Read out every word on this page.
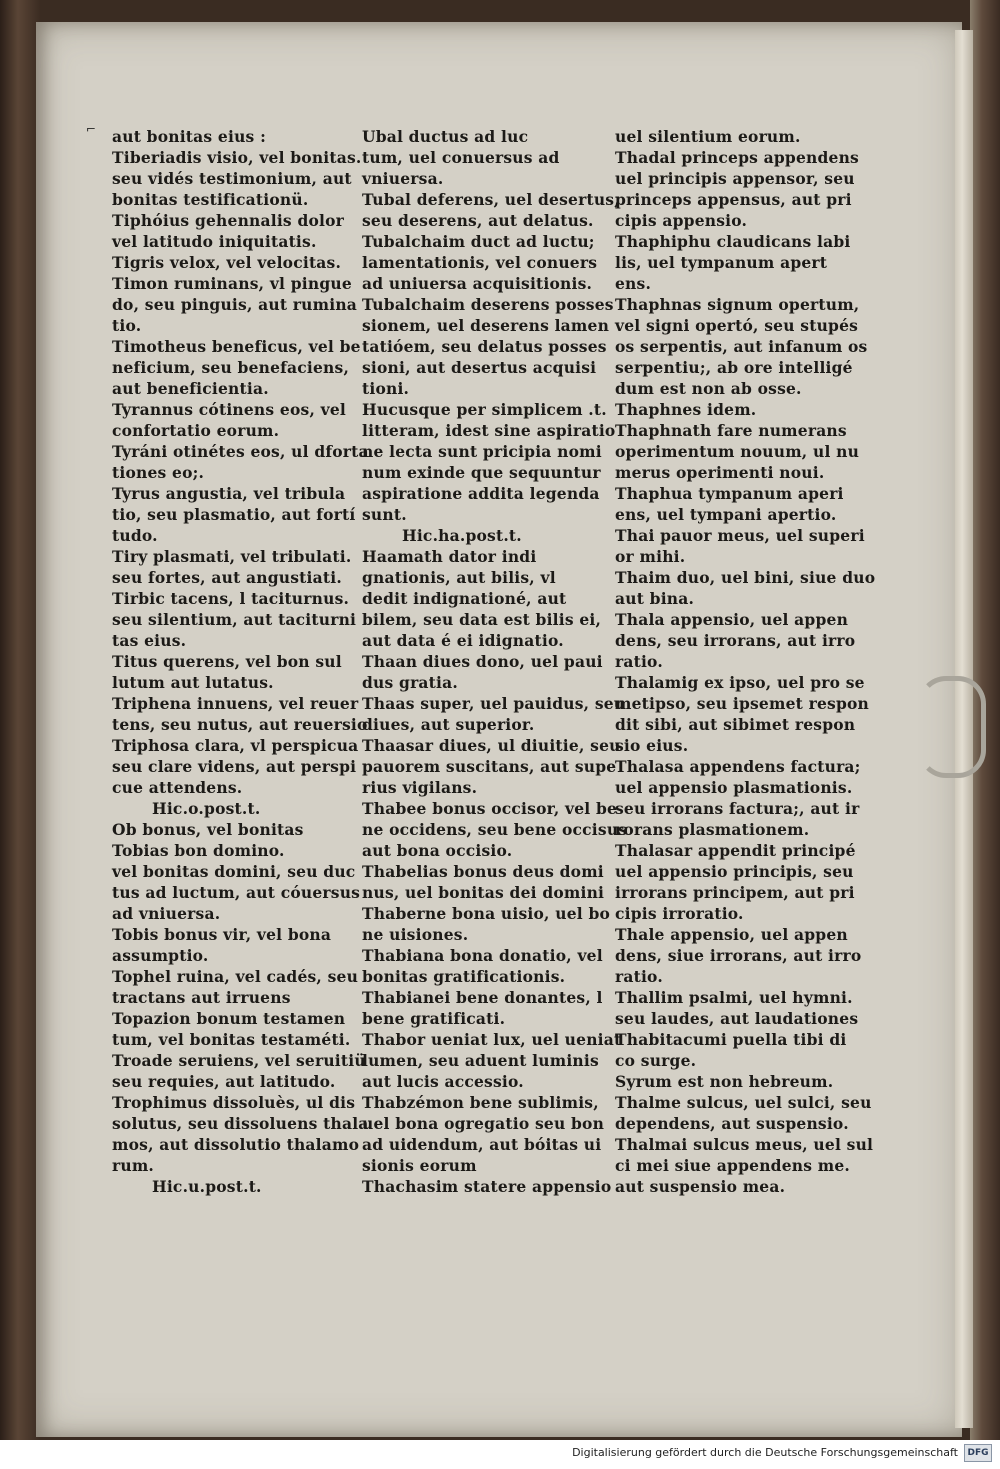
⌐ aut bonitas eius :
Tiberiadis visio, vel bonitas.
seu vidés testimonium, aut
bonitas testificationü.
Tiphóius gehennalis dolor
vel latitudo iniquitatis.
Tigris velox, vel velocitas.
Timon ruminans, vl pingue
do, seu pinguis, aut rumina
tio.
Timotheus beneficus, vel be
neficium, seu benefaciens,
aut beneficientia.
Tyrannus cótinens eos, vel
confortatio eorum.
Tyráni otinétes eos, ul dforta
tiones eo;.
Tyrus angustia, vel tribula
tio, seu plasmatio, aut fortí
tudo.
Tiry plasmati, vel tribulati.
seu fortes, aut angustiati.
Tirbic tacens, l taciturnus.
seu silentium, aut taciturni
tas eius.
Titus querens, vel bon sul
lutum aut lutatus.
Triphena innuens, vel reuer
tens, seu nutus, aut reuersio
Triphosa clara, vl perspicua
seu clare videns, aut perspi
cue attendens.
Hic.o.post.t.
Ob bonus, vel bonitas
Tobias bon domino.
vel bonitas domini, seu duc
tus ad luctum, aut cóuersus
ad vniuersa.
Tobis bonus vir, vel bona
assumptio.
Tophel ruina, vel cadés, seu
tractans aut irruens
Topazion bonum testamen
tum, vel bonitas testaméti.
Troade seruiens, vel seruitiü
seu requies, aut latitudo.
Trophimus dissoluès, ul dis
solutus, seu dissoluens thala
mos, aut dissolutio thalamo
rum.
Hic.u.post.t.
Ubal ductus ad luc
tum, uel conuersus ad
vniuersa.
Tubal deferens, uel desertus,
seu deserens, aut delatus.
Tubalchaim duct ad luctu;
lamentationis, vel conuers
ad uniuersa acquisitionis.
Tubalchaim deserens posses
sionem, uel deserens lamen
tatióem, seu delatus posses
sioni, aut desertus acquisi
tioni.
Hucusque per simplicem .t.
litteram, idest sine aspiratio
ne lecta sunt pricipia nomi
num exinde que sequuntur
aspiratione addita legenda
sunt.
Hic.ha.post.t.
Haamath dator indi
gnationis, aut bilis, vl
dedit indignationé, aut
bilem, seu data est bilis ei,
aut data é ei idignatio.
Thaan diues dono, uel paui
dus gratia.
Thaas super, uel pauidus, seu
diues, aut superior.
Thaasar diues, ul diuitie, seu
pauorem suscitans, aut supe
rius vigilans.
Thabee bonus occisor, vel be
ne occidens, seu bene occisus
aut bona occisio.
Thabelias bonus deus domi
nus, uel bonitas dei domini
Thaberne bona uisio, uel bo
ne uisiones.
Thabiana bona donatio, vel
bonitas gratificationis.
Thabianei bene donantes, l
bene gratificati.
Thabor ueniat lux, uel ueniat
lumen, seu aduent luminis
aut lucis accessio.
Thabzémon bene sublimis,
uel bona ogregatio seu bon
ad uidendum, aut bóitas ui
sionis eorum
Thachasim statere appensio
uel silentium eorum.
Thadal princeps appendens
uel principis appensor, seu
princeps appensus, aut pri
cipis appensio.
Thaphiphu claudicans labi
lis, uel tympanum apert
ens.
Thaphnas signum opertum,
vel signi opertó, seu stupés
os serpentis, aut infanum os
serpentiu;, ab ore intelligé
dum est non ab osse.
Thaphnes idem.
Thaphnath fare numerans
operimentum nouum, ul nu
merus operimenti noui.
Thaphua tympanum aperi
ens, uel tympani apertio.
Thai pauor meus, uel superi
or mihi.
Thaim duo, uel bini, siue duo
aut bina.
Thala appensio, uel appen
dens, seu irrorans, aut irro
ratio.
Thalamig ex ipso, uel pro se
metipso, seu ipsemet respon
dit sibi, aut sibimet respon
sio eius.
Thalasa appendens factura;
uel appensio plasmationis.
seu irrorans factura;, aut ir
rorans plasmationem.
Thalasar appendit principé
uel appensio principis, seu
irrorans principem, aut pri
cipis irroratio.
Thale appensio, uel appen
dens, siue irrorans, aut irro
ratio.
Thallim psalmi, uel hymni.
seu laudes, aut laudationes
Thabitacumi puella tibi di
co surge.
Syrum est non hebreum.
Thalme sulcus, uel sulci, seu
dependens, aut suspensio.
Thalmai sulcus meus, uel sul
ci mei siue appendens me.
aut suspensio mea.
Digitalisierung gefördert durch die Deutsche Forschungsgemeinschaft	DFG
